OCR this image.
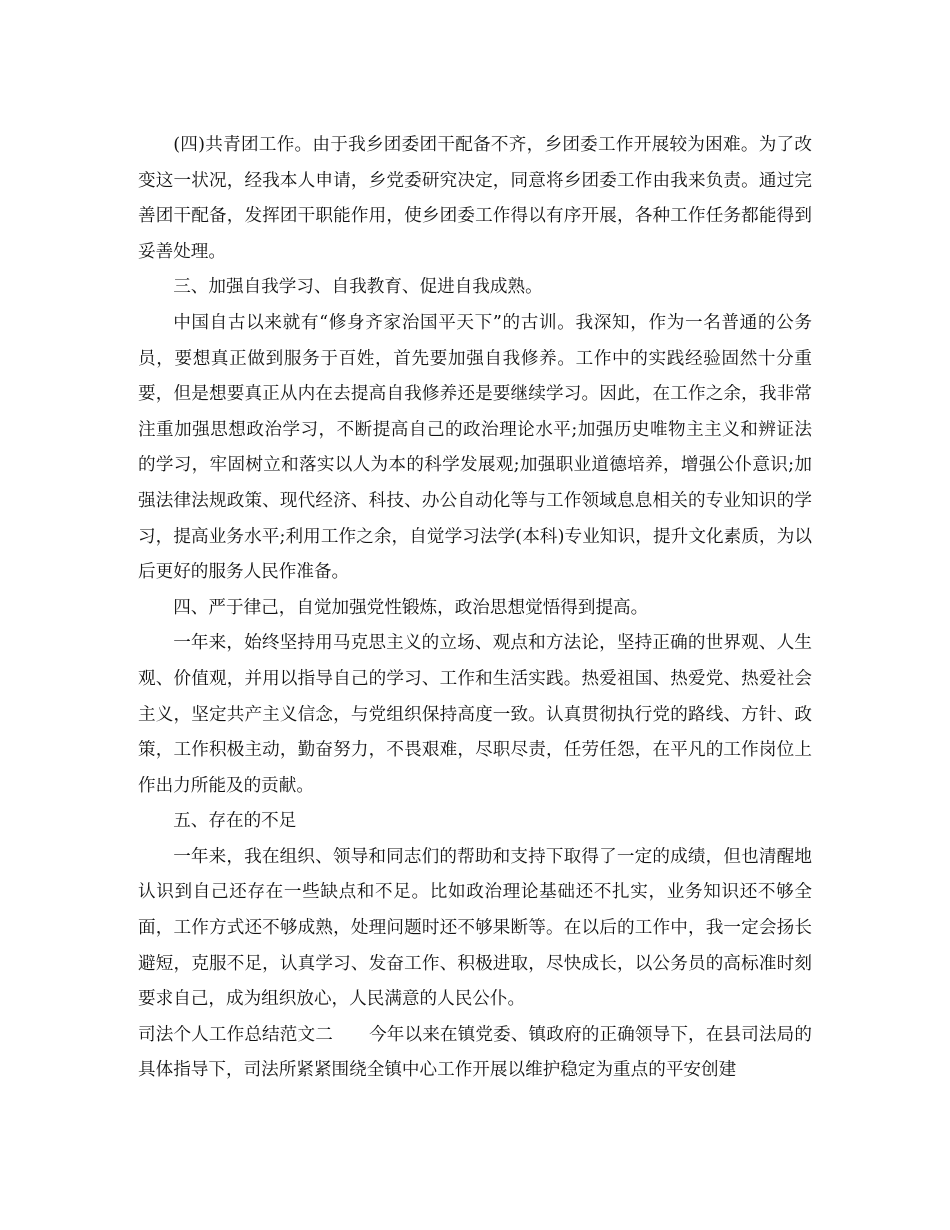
(四)共青团工作。由于我乡团委团干配备不齐，乡团委工作开展较为困难。为了改变这一状况，经我本人申请，乡党委研究决定，同意将乡团委工作由我来负责。通过完善团干配备，发挥团干职能作用，使乡团委工作得以有序开展，各种工作任务都能得到妥善处理。

三、加强自我学习、自我教育、促进自我成熟。

中国自古以来就有“修身齐家治国平天下”的古训。我深知，作为一名普通的公务员，要想真正做到服务于百姓，首先要加强自我修养。工作中的实践经验固然十分重要，但是想要真正从内在去提高自我修养还是要继续学习。因此，在工作之余，我非常注重加强思想政治学习，不断提高自己的政治理论水平;加强历史唯物主主义和辨证法的学习，牢固树立和落实以人为本的科学发展观;加强职业道德培养，增强公仆意识;加强法律法规政策、现代经济、科技、办公自动化等与工作领域息息相关的专业知识的学习，提高业务水平;利用工作之余，自觉学习法学(本科)专业知识，提升文化素质，为以后更好的服务人民作准备。

四、严于律己，自觉加强党性锻炼，政治思想觉悟得到提高。

一年来，始终坚持用马克思主义的立场、观点和方法论，坚持正确的世界观、人生观、价值观，并用以指导自己的学习、工作和生活实践。热爱祖国、热爱党、热爱社会主义，坚定共产主义信念，与党组织保持高度一致。认真贯彻执行党的路线、方针、政策，工作积极主动，勤奋努力，不畏艰难，尽职尽责，任劳任怨，在平凡的工作岗位上作出力所能及的贡献。

五、存在的不足

一年来，我在组织、领导和同志们的帮助和支持下取得了一定的成绩，但也清醒地认识到自己还存在一些缺点和不足。比如政治理论基础还不扎实，业务知识还不够全面，工作方式还不够成熟，处理问题时还不够果断等。在以后的工作中，我一定会扬长避短，克服不足，认真学习、发奋工作、积极进取，尽快成长，以公务员的高标准时刻要求自己，成为组织放心，人民满意的人民公仆。

司法个人工作总结范文二 今年以来在镇党委、镇政府的正确领导下，在县司法局的具体指导下，司法所紧紧围绕全镇中心工作开展以维护稳定为重点的平安创建
